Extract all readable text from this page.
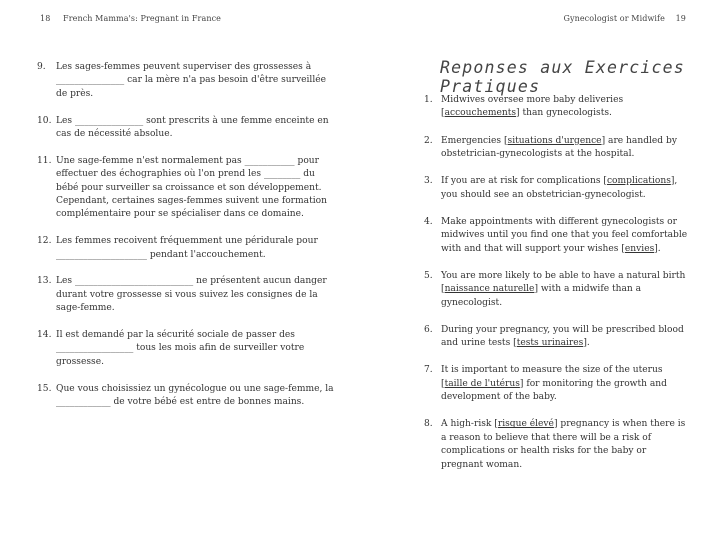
18 French Mamma's: Pregnant in France
9.	Les sages-femmes peuvent superviser des grossesses à _______________ car la mère n'a pas besoin d'être surveillée de près.
10. Les _______________ sont prescrits à une femme enceinte en cas de nécessité absolue.
11. Une sage-femme n'est normalement pas ___________ pour effectuer des échographies où l'on prend les ________ du bébé pour surveiller sa croissance et son développement. Cependant, certaines sages-femmes suivent une formation complémentaire pour se spécialiser dans ce domaine.
12. Les femmes recoivent fréquemment une péridurale pour ____________________ pendant l'accouchement.
13. Les __________________________ ne présentent aucun danger durant votre grossesse si vous suivez les consignes de la sage-femme.
14. Il est demandé par la sécurité sociale de passer des _________________ tous les mois afin de surveiller votre grossesse.
15. Que vous choisissiez un gynécologue ou une sage-femme, la ____________ de votre bébé est entre de bonnes mains.
Gynecologist or Midwife 19
Reponses aux Exercices Pratiques
1. Midwives oversee more baby deliveries [accouchements] than gynecologists.
2. Emergencies [situations d'urgence] are handled by obstetrician-gynecologists at the hospital.
3. If you are at risk for complications [complications], you should see an obstetrician-gynecologist.
4. Make appointments with different gynecologists or midwives until you find one that you feel comfortable with and that will support your wishes [envies].
5. You are more likely to be able to have a natural birth [naissance naturelle] with a midwife than a gynecologist.
6. During your pregnancy, you will be prescribed blood and urine tests [tests urinaires].
7. It is important to measure the size of the uterus [taille de l'utérus] for monitoring the growth and development of the baby.
8. A high-risk [risque élevé] pregnancy is when there is a reason to believe that there will be a risk of complications or health risks for the baby or pregnant woman.
